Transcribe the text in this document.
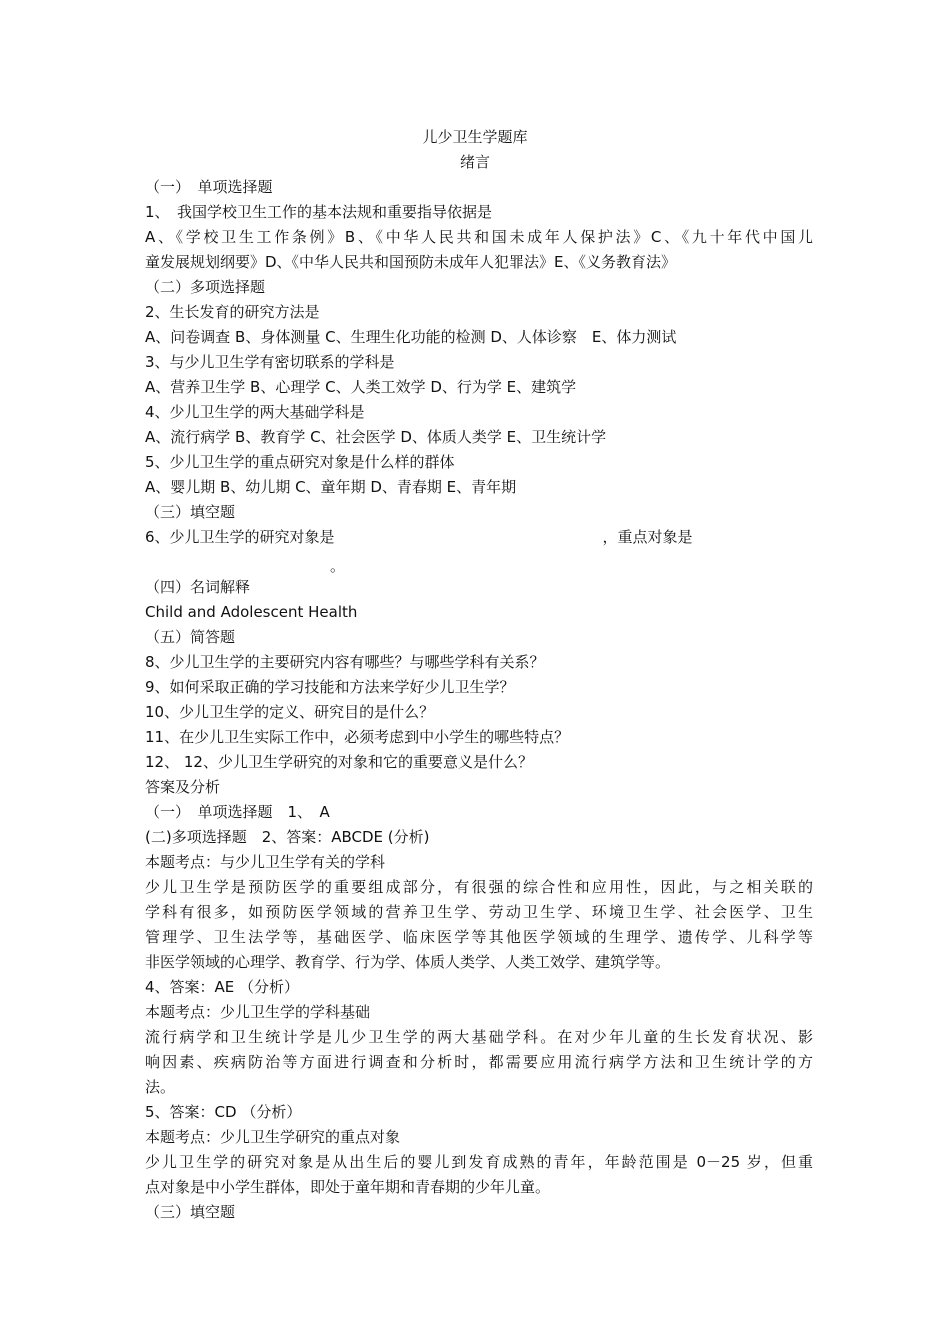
儿少卫生学题库
绪言
（一）　单项选择题
1、　我国学校卫生工作的基本法规和重要指导依据是
A、《学校卫生工作条例》B、《中华人民共和国未成年人保护法》C、《九十年代中国儿
童发展规划纲要》D、《中华人民共和国预防未成年人犯罪法》E、《义务教育法》
（二）多项选择题
2、生长发育的研究方法是
A、问卷调查 B、身体测量 C、生理生化功能的检测 D、人体诊察　E、体力测试
3、与少儿卫生学有密切联系的学科是
A、营养卫生学 B、心理学 C、人类工效学 D、行为学 E、建筑学
4、少儿卫生学的两大基础学科是
A、流行病学 B、教育学 C、社会医学 D、体质人类学 E、卫生统计学
5、少儿卫生学的重点研究对象是什么样的群体
A、婴儿期 B、幼儿期 C、童年期 D、青春期 E、青年期
（三）填空题
6、少儿卫生学的研究对象是	，重点对象是
。
（四）名词解释
Child and Adolescent Health
（五）简答题
8、少儿卫生学的主要研究内容有哪些？与哪些学科有关系？
9、如何采取正确的学习技能和方法来学好少儿卫生学？
10、少儿卫生学的定义、研究目的是什么？
11、在少儿卫生实际工作中，必须考虑到中小学生的哪些特点？
12、 12、少儿卫生学研究的对象和它的重要意义是什么？
答案及分析
（一）　单项选择题　1、　A
(二)多项选择题　2、答案：ABCDE (分析)
本题考点：与少儿卫生学有关的学科
少儿卫生学是预防医学的重要组成部分，有很强的综合性和应用性，因此，与之相关联的
学科有很多，如预防医学领域的营养卫生学、劳动卫生学、环境卫生学、社会医学、卫生
管理学、卫生法学等，基础医学、临床医学等其他医学领域的生理学、遗传学、儿科学等
非医学领域的心理学、教育学、行为学、体质人类学、人类工效学、建筑学等。
4、答案：AE （分析）
本题考点：少儿卫生学的学科基础
流行病学和卫生统计学是儿少卫生学的两大基础学科。在对少年儿童的生长发育状况、影
响因素、疾病防治等方面进行调查和分析时，都需要应用流行病学方法和卫生统计学的方
法。
5、答案：CD （分析）
本题考点：少儿卫生学研究的重点对象
少儿卫生学的研究对象是从出生后的婴儿到发育成熟的青年，年龄范围是 0－25 岁，但重
点对象是中小学生群体，即处于童年期和青春期的少年儿童。
（三）填空题
